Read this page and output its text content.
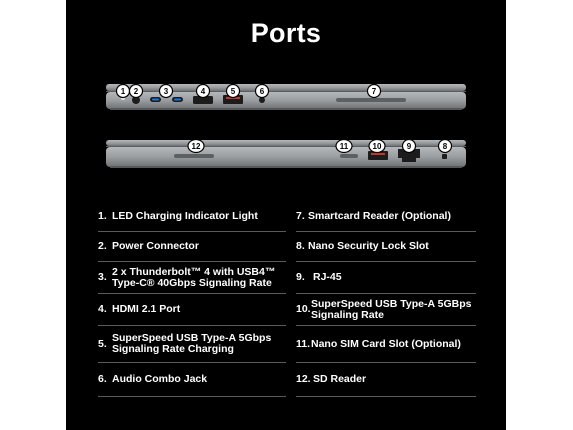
Ports
1 2	3	4	5	6	7
8
9
10
11
12
1. LED Charging Indicator Light
2. Power Connector
3. 2 x Thunderbolt™ 4 with USB4™ Type-C® 40Gbps Signaling Rate
4. HDMI 2.1 Port
5. SuperSpeed USB Type-A 5Gbps Signaling Rate Charging
6. Audio Combo Jack
7. Smartcard Reader (Optional)
8. Nano Security Lock Slot
9. RJ-45
10. SuperSpeed USB Type-A 5GBps Signaling Rate
11. Nano SIM Card Slot (Optional)
12. SD Reader
